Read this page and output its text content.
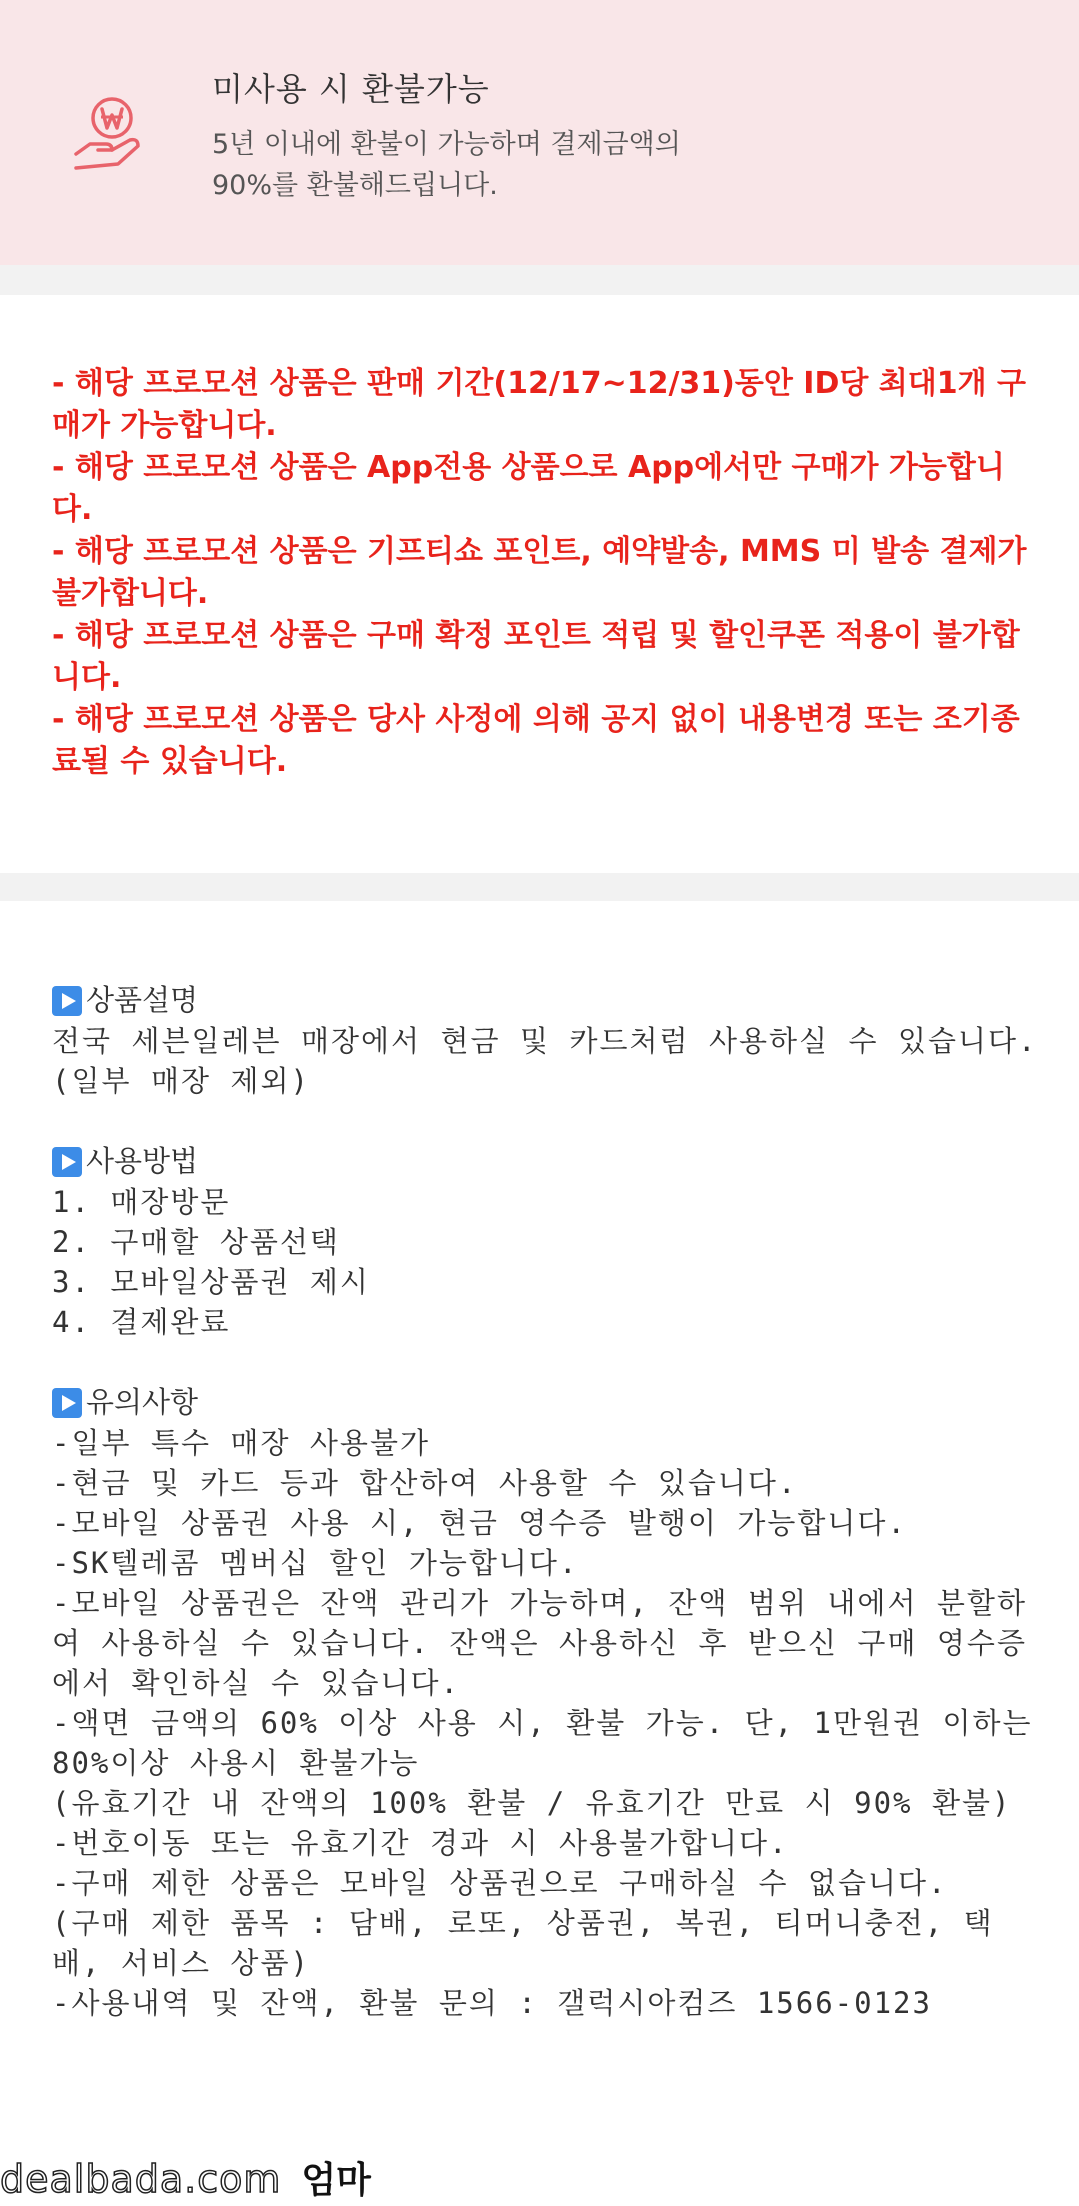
미사용 시 환불가능
5년 이내에 환불이 가능하며 결제금액의
90%를 환불해드립니다.
- 해당 프로모션 상품은 판매 기간(12/17~12/31)동안 ID당 최대1개 구매가 가능합니다.
- 해당 프로모션 상품은 App전용 상품으로 App에서만 구매가 가능합니다.
- 해당 프로모션 상품은 기프티쇼 포인트, 예약발송, MMS 미 발송 결제가 불가합니다.
- 해당 프로모션 상품은 구매 확정 포인트 적립 및 할인쿠폰 적용이 불가합니다.
- 해당 프로모션 상품은 당사 사정에 의해 공지 없이 내용변경 또는 조기종료될 수 있습니다.
상품설명
전국 세븐일레븐 매장에서 현금 및 카드처럼 사용하실 수 있습니다.
(일부 매장 제외)
사용방법
1. 매장방문
2. 구매할 상품선택
3. 모바일상품권 제시
4. 결제완료
유의사항
-일부 특수 매장 사용불가
-현금 및 카드 등과 합산하여 사용할 수 있습니다.
-모바일 상품권 사용 시, 현금 영수증 발행이 가능합니다.
-SK텔레콤 멤버십 할인 가능합니다.
-모바일 상품권은 잔액 관리가 가능하며, 잔액 범위 내에서 분할하여 사용하실 수 있습니다. 잔액은 사용하신 후 받으신 구매 영수증에서 확인하실 수 있습니다.
-액면 금액의 60% 이상 사용 시, 환불 가능. 단, 1만원권 이하는 80%이상 사용시 환불가능
(유효기간 내 잔액의 100% 환불 / 유효기간 만료 시 90% 환불)
-번호이동 또는 유효기간 경과 시 사용불가합니다.
-구매 제한 상품은 모바일 상품권으로 구매하실 수 없습니다.
(구매 제한 품목 : 담배, 로또, 상품권, 복권, 티머니충전, 택배, 서비스 상품)
-사용내역 및 잔액, 환불 문의 : 갤럭시아컴즈 1566-0123
dealbada.com 엄마
